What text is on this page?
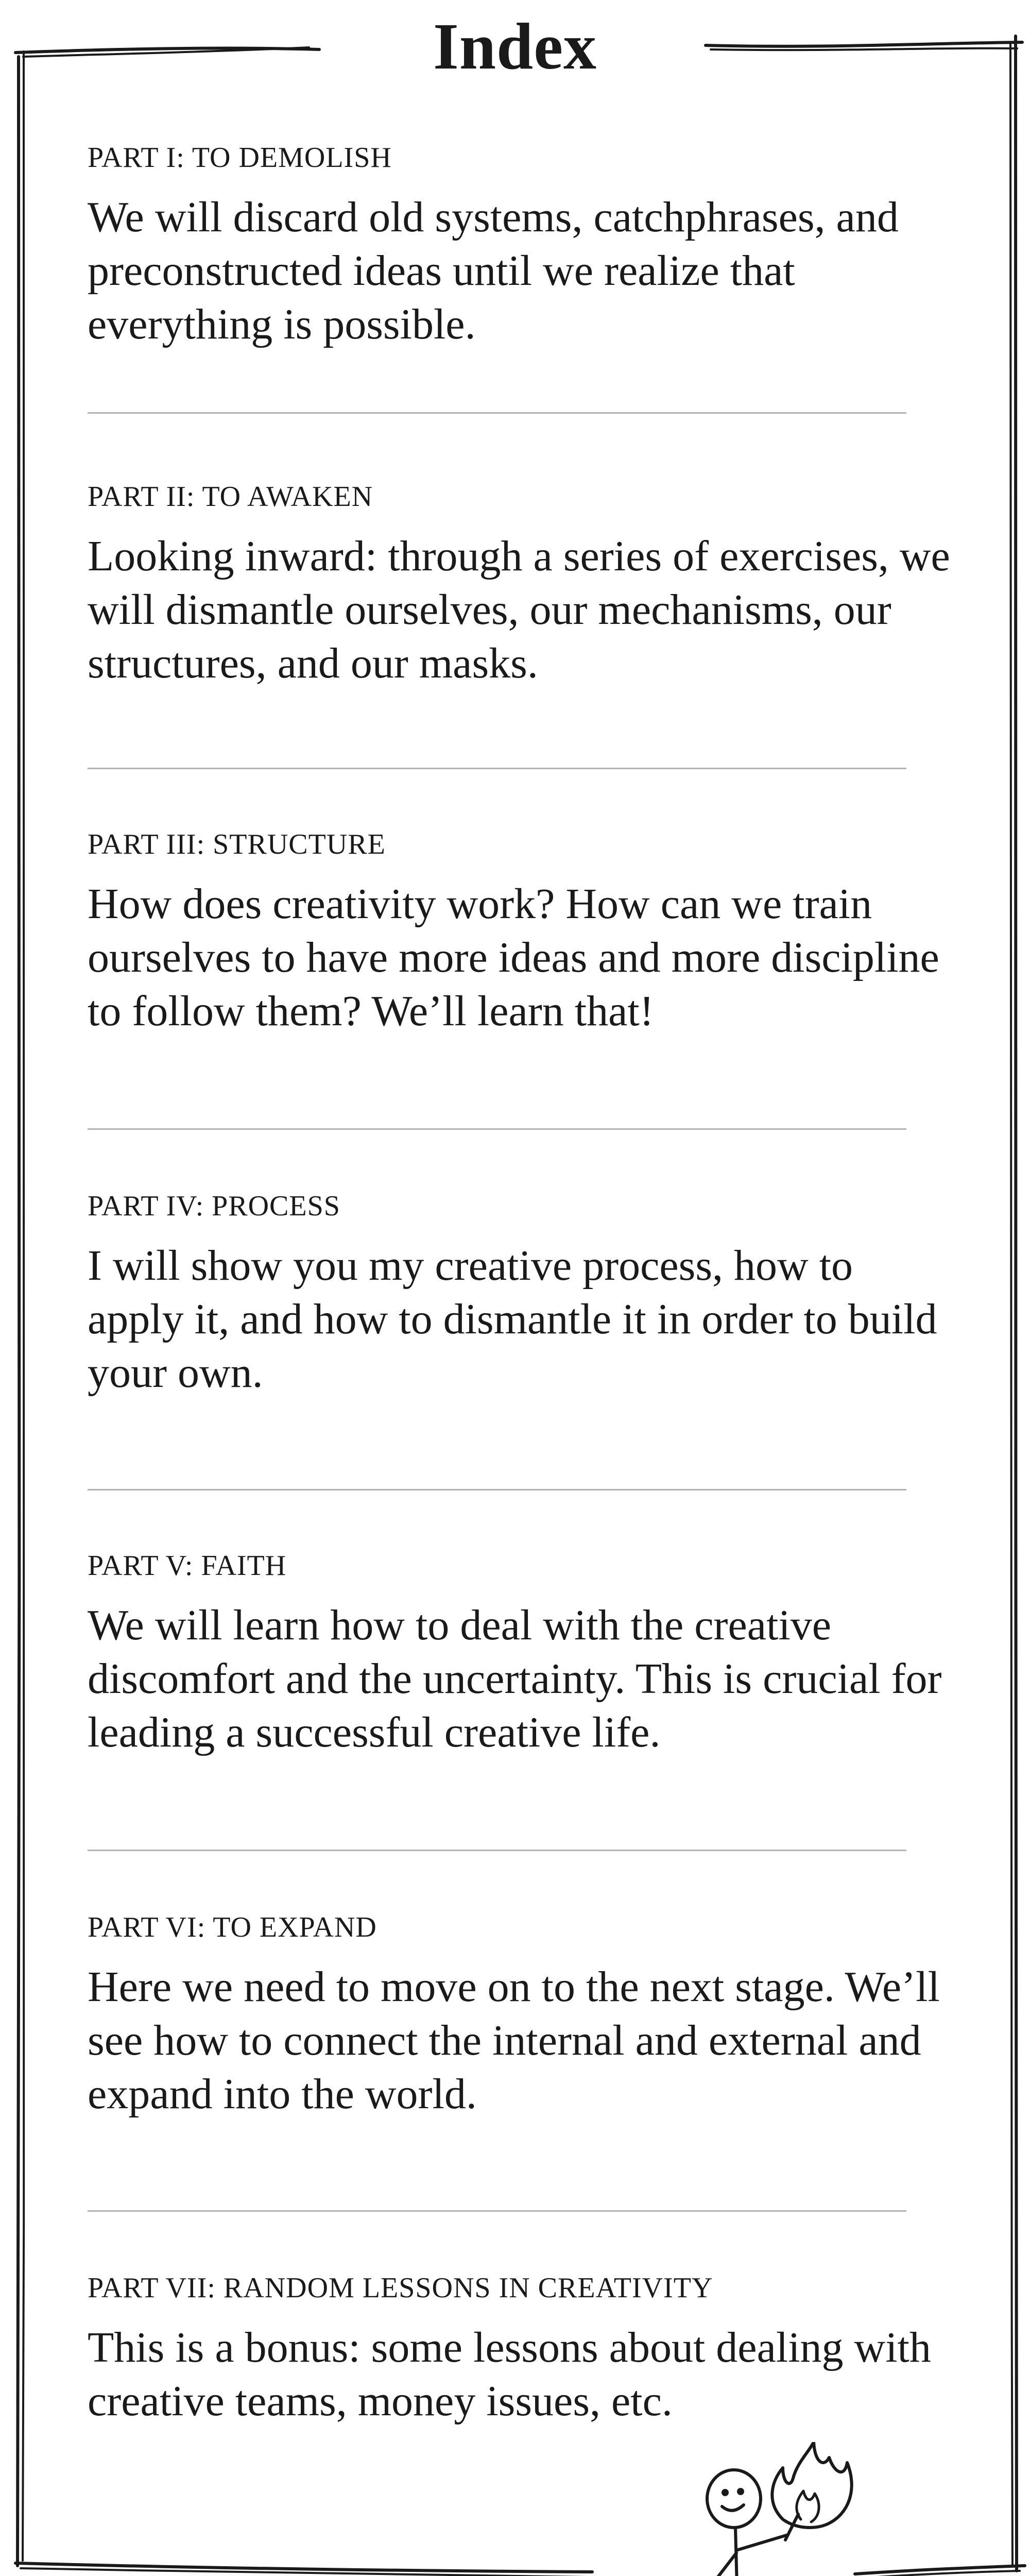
Index
PART I: TO DEMOLISH
We will discard old systems, catchphrases, and preconstructed ideas until we realize that everything is possible.
PART II: TO AWAKEN
Looking inward: through a series of exercises, we will dismantle ourselves, our mechanisms, our structures, and our masks.
PART III: STRUCTURE
How does creativity work? How can we train ourselves to have more ideas and more discipline to follow them? We’ll learn that!
PART IV: PROCESS
I will show you my creative process, how to apply it, and how to dismantle it in order to build your own.
PART V: FAITH
We will learn how to deal with the creative discomfort and the uncertainty. This is crucial for leading a successful creative life.
PART VI: TO EXPAND
Here we need to move on to the next stage. We’ll see how to connect the internal and external and expand into the world.
PART VII: RANDOM LESSONS IN CREATIVITY
This is a bonus: some lessons about dealing with creative teams, money issues, etc.
